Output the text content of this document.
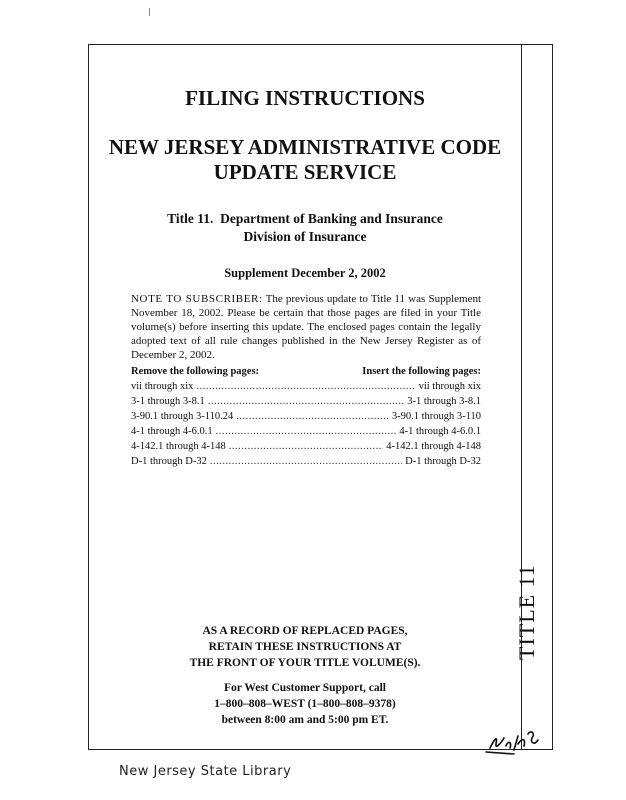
TITLE 11
FILING INSTRUCTIONS
NEW JERSEY ADMINISTRATIVE CODE
UPDATE SERVICE
Title 11.  Department of Banking and Insurance
Division of Insurance
Supplement December 2, 2002
NOTE TO SUBSCRIBER: The previous update to Title 11 was Supplement November 18, 2002. Please be certain that those pages are filed in your Title volume(s) before inserting this update. The enclosed pages contain the legally adopted text of all rule changes published in the New Jersey Register as of December 2, 2002.
Remove the following pages:	Insert the following pages:
vii through xix .....	vii through xix
3-1 through 3-8.1 .....	3-1 through 3-8.1
3-90.1 through 3-110.24 .....	3-90.1 through 3-110
4-1 through 4-6.0.1 .....	4-1 through 4-6.0.1
4-142.1 through 4-148 .....	4-142.1 through 4-148
D-1 through D-32 .....	D-1 through D-32
AS A RECORD OF REPLACED PAGES,
RETAIN THESE INSTRUCTIONS AT
THE FRONT OF YOUR TITLE VOLUME(S).
For West Customer Support, call
1–800–808–WEST (1–800–808–9378)
between 8:00 am and 5:00 pm ET.
New Jersey State Library
